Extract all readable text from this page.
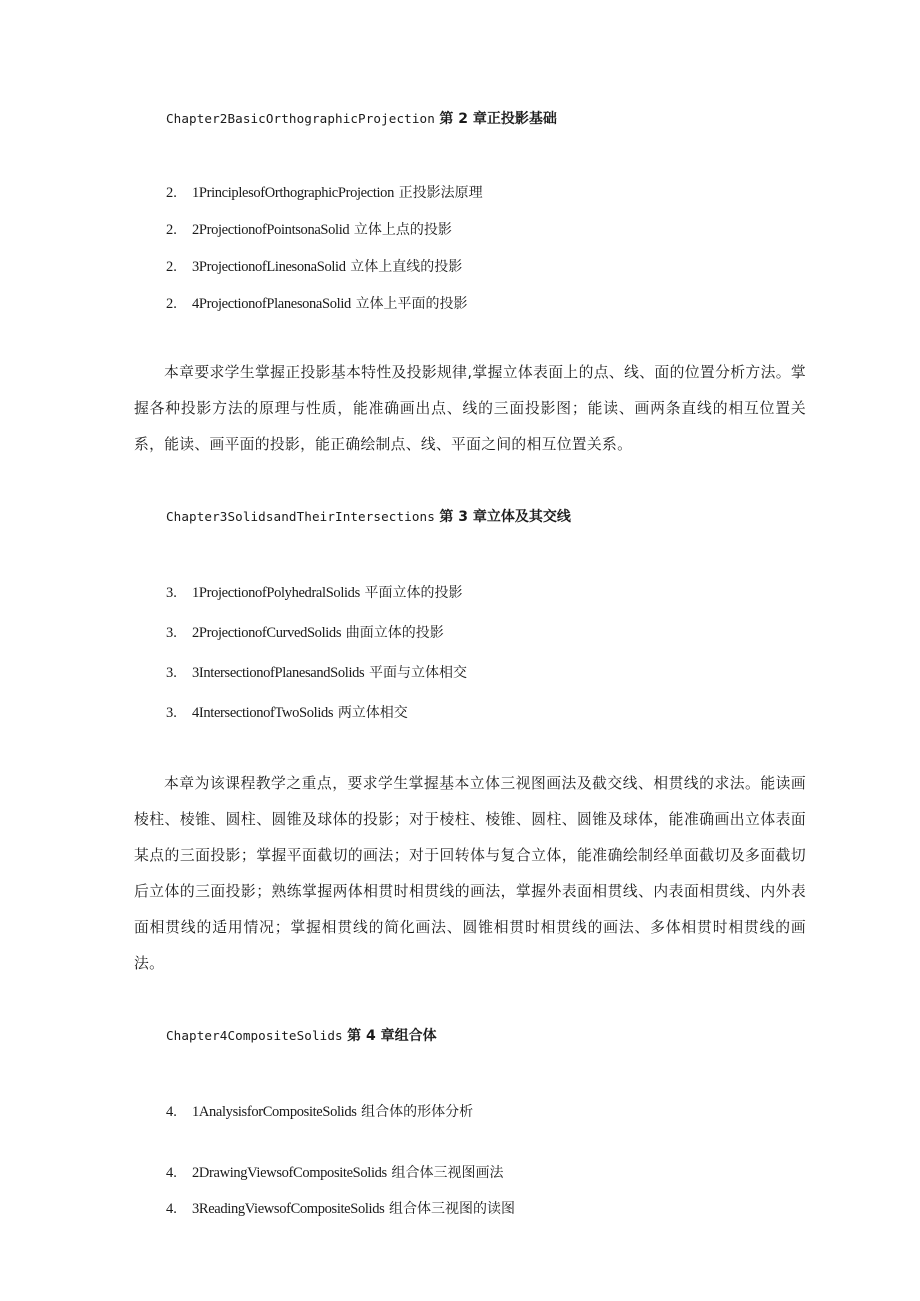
Chapter2BasicOrthographicProjection 第 2 章正投影基础
2. 1PrinciplesofOrthographicProjection 正投影法原理
2. 2ProjectionofPointsonaSolid 立体上点的投影
2. 3ProjectionofLinesonaSolid 立体上直线的投影
2. 4ProjectionofPlanesonaSolid 立体上平面的投影

本章要求学生掌握正投影基本特性及投影规律,掌握立体表面上的点、线、面的位置分析方法。掌握各种投影方法的原理与性质，能准确画出点、线的三面投影图；能读、画两条直线的相互位置关系，能读、画平面的投影，能正确绘制点、线、平面之间的相互位置关系。

Chapter3SolidsandTheirIntersections 第 3 章立体及其交线
3. 1ProjectionofPolyhedralSolids 平面立体的投影
3. 2ProjectionofCurvedSolids 曲面立体的投影
3. 3IntersectionofPlanesandSolids 平面与立体相交
3. 4IntersectionofTwoSolids 两立体相交

本章为该课程教学之重点，要求学生掌握基本立体三视图画法及截交线、相贯线的求法。能读画棱柱、棱锥、圆柱、圆锥及球体的投影；对于棱柱、棱锥、圆柱、圆锥及球体，能准确画出立体表面某点的三面投影；掌握平面截切的画法；对于回转体与复合立体，能准确绘制经单面截切及多面截切后立体的三面投影；熟练掌握两体相贯时相贯线的画法，掌握外表面相贯线、内表面相贯线、内外表面相贯线的适用情况；掌握相贯线的简化画法、圆锥相贯时相贯线的画法、多体相贯时相贯线的画法。

Chapter4CompositeSolids 第 4 章组合体
4. 1AnalysisforCompositeSolids 组合体的形体分析
4. 2DrawingViewsofCompositeSolids 组合体三视图画法
4. 3ReadingViewsofCompositeSolids 组合体三视图的读图
